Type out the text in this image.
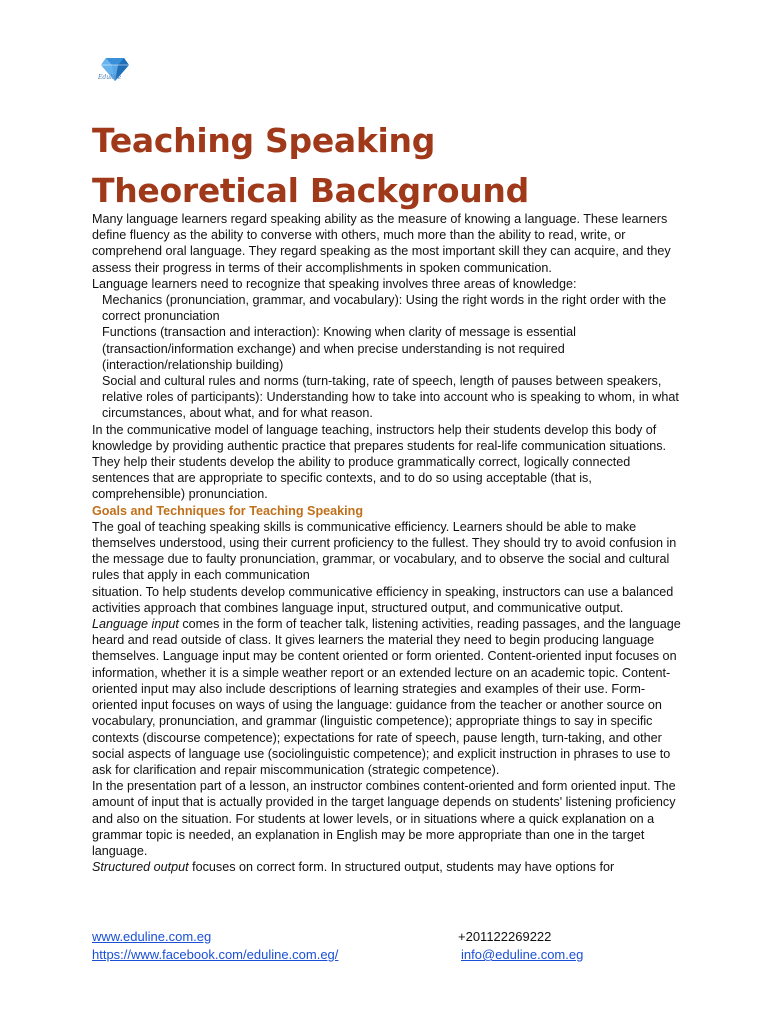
Eduline
Teaching Speaking
Theoretical Background

Many language learners regard speaking ability as the measure of knowing a language. These learners define fluency as the ability to converse with others, much more than the ability to read, write, or comprehend oral language. They regard speaking as the most important skill they can acquire, and they assess their progress in terms of their accomplishments in spoken communication.

Language learners need to recognize that speaking involves three areas of knowledge:

Mechanics (pronunciation, grammar, and vocabulary): Using the right words in the right order with the correct pronunciation

Functions (transaction and interaction): Knowing when clarity of message is essential (transaction/information exchange) and when precise understanding is not required (interaction/relationship building)

Social and cultural rules and norms (turn-taking, rate of speech, length of pauses between speakers, relative roles of participants): Understanding how to take into account who is speaking to whom, in what circumstances, about what, and for what reason.

In the communicative model of language teaching, instructors help their students develop this body of knowledge by providing authentic practice that prepares students for real-life communication situations. They help their students develop the ability to produce grammatically correct, logically connected sentences that are appropriate to specific contexts, and to do so using acceptable (that is, comprehensible) pronunciation.

Goals and Techniques for Teaching Speaking

The goal of teaching speaking skills is communicative efficiency. Learners should be able to make themselves understood, using their current proficiency to the fullest. They should try to avoid confusion in the message due to faulty pronunciation, grammar, or vocabulary, and to observe the social and cultural rules that apply in each communication

situation. To help students develop communicative efficiency in speaking, instructors can use a balanced activities approach that combines language input, structured output, and communicative output.

Language input comes in the form of teacher talk, listening activities, reading passages, and the language heard and read outside of class. It gives learners the material they need to begin producing language themselves. Language input may be content oriented or form oriented. Content-oriented input focuses on information, whether it is a simple weather report or an extended lecture on an academic topic. Content-oriented input may also include descriptions of learning strategies and examples of their use. Form-oriented input focuses on ways of using the language: guidance from the teacher or another source on vocabulary, pronunciation, and grammar (linguistic competence); appropriate things to say in specific contexts (discourse competence); expectations for rate of speech, pause length, turn-taking, and other

social aspects of language use (sociolinguistic competence); and explicit instruction in phrases to use to ask for clarification and repair miscommunication (strategic competence).

In the presentation part of a lesson, an instructor combines content-oriented and form oriented input. The amount of input that is actually provided in the target language depends on students' listening proficiency and also on the situation. For students at lower levels, or in situations where a quick explanation on a grammar topic is needed, an explanation in English may be more appropriate than one in the target language.

Structured output focuses on correct form. In structured output, students may have options for

www.eduline.com.eg	+201122269222
https://www.facebook.com/eduline.com.eg/	info@eduline.com.eg
